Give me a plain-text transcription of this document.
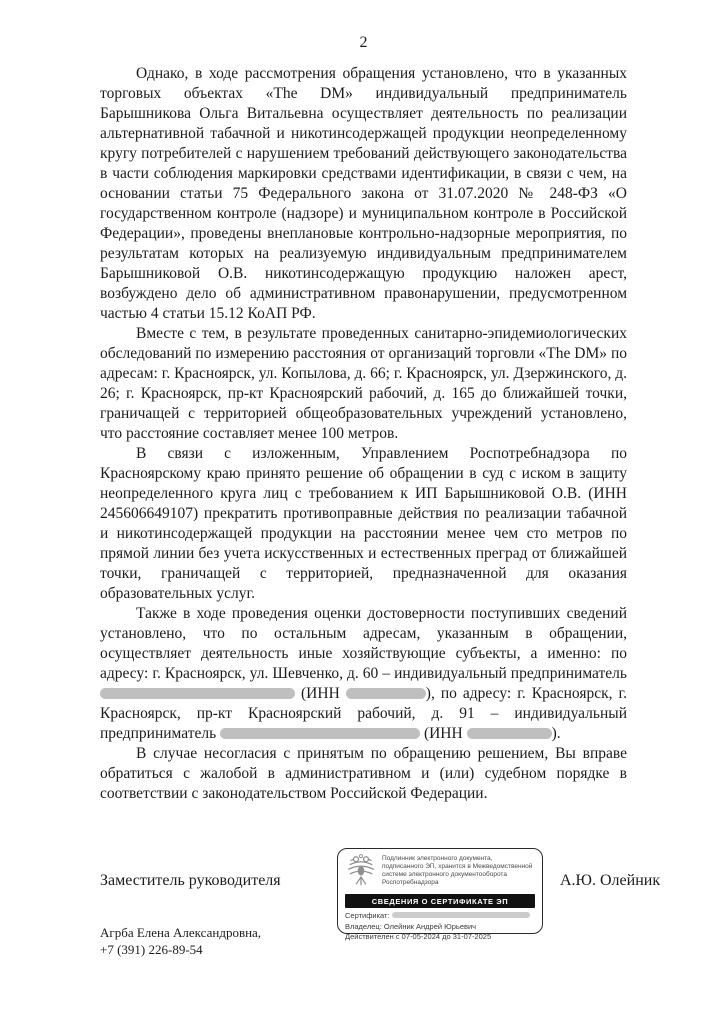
2

Однако, в ходе рассмотрения обращения установлено, что в указанных торговых объектах «The DM» индивидуальный предприниматель Барышникова Ольга Витальевна осуществляет деятельность по реализации альтернативной табачной и никотинсодержащей продукции неопределенному кругу потребителей с нарушением требований действующего законодательства в части соблюдения маркировки средствами идентификации, в связи с чем, на основании статьи 75 Федерального закона от 31.07.2020 № 248-ФЗ «О государственном контроле (надзоре) и муниципальном контроле в Российской Федерации», проведены внеплановые контрольно-надзорные мероприятия, по результатам которых на реализуемую индивидуальным предпринимателем Барышниковой О.В. никотинсодержащую продукцию наложен арест, возбуждено дело об административном правонарушении, предусмотренном частью 4 статьи 15.12 КоАП РФ.

Вместе с тем, в результате проведенных санитарно-эпидемиологических обследований по измерению расстояния от организаций торговли «The DM» по адресам: г. Красноярск, ул. Копылова, д. 66; г. Красноярск, ул. Дзержинского, д. 26; г. Красноярск, пр-кт Красноярский рабочий, д. 165 до ближайшей точки, граничащей с территорией общеобразовательных учреждений установлено, что расстояние составляет менее 100 метров.

В связи с изложенным, Управлением Роспотребнадзора по Красноярскому краю принято решение об обращении в суд с иском в защиту неопределенного круга лиц с требованием к ИП Барышниковой О.В. (ИНН 245606649107) прекратить противоправные действия по реализации табачной и никотинсодержащей продукции на расстоянии менее чем сто метров по прямой линии без учета искусственных и естественных преград от ближайшей точки, граничащей с территорией, предназначенной для оказания образовательных услуг.

Также в ходе проведения оценки достоверности поступивших сведений установлено, что по остальным адресам, указанным в обращении, осуществляет деятельность иные хозяйствующие субъекты, а именно: по адресу: г. Красноярск, ул. Шевченко, д. 60 – индивидуальный предприниматель  (ИНН	), по адресу: г. Красноярск, г. Красноярск, пр-кт Красноярский рабочий, д. 91 – индивидуальный предприниматель	(ИНН	).

В случае несогласия с принятым по обращению решением, Вы вправе обратиться с жалобой в административном и (или) судебном порядке в соответствии с законодательством Российской Федерации.

Заместитель руководителя	А.Ю. Олейник
Подлинник электронного документа, подписанного ЭП, хранится в Межведомственной системе электронного документооборота Роспотребнадзора
СВЕДЕНИЯ О СЕРТИФИКАТЕ ЭП
Сертификат:
Владелец: Олейник Андрей Юрьевич
Действителен с 07-05-2024 до 31-07-2025
Агрба Елена Александровна,
+7 (391) 226-89-54
